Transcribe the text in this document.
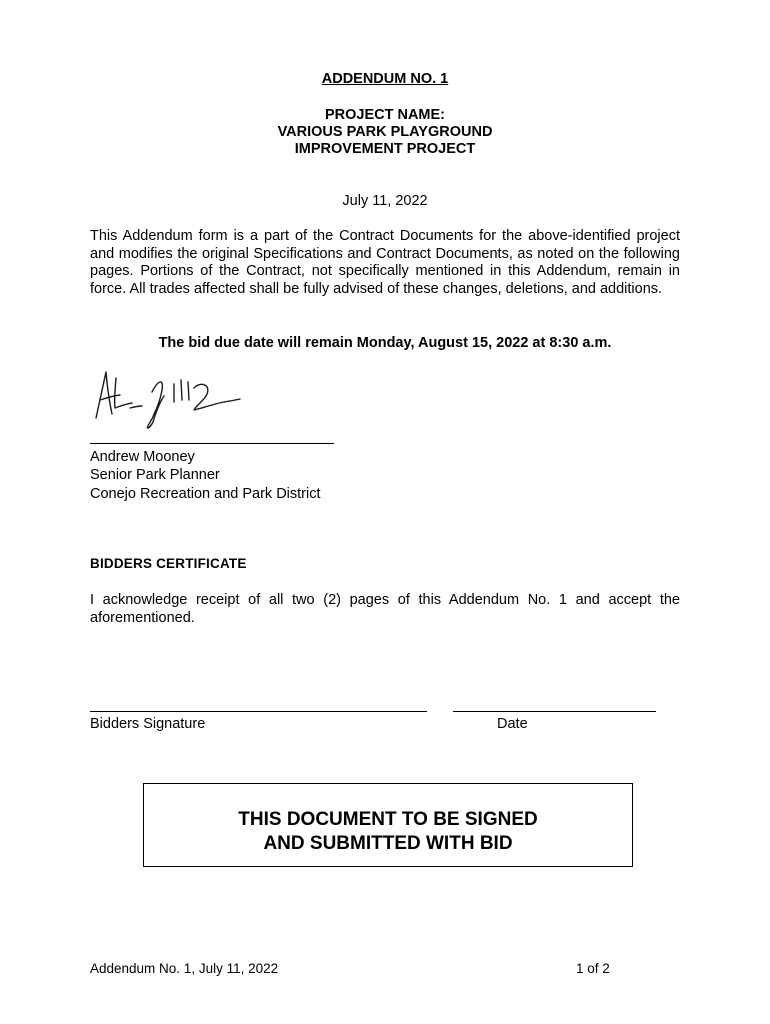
ADDENDUM NO. 1
PROJECT NAME:
VARIOUS PARK PLAYGROUND
IMPROVEMENT PROJECT
July 11, 2022
This Addendum form is a part of the Contract Documents for the above-identified project and modifies the original Specifications and Contract Documents, as noted on the following pages. Portions of the Contract, not specifically mentioned in this Addendum, remain in force. All trades affected shall be fully advised of these changes, deletions, and additions.
The bid due date will remain Monday, August 15, 2022 at 8:30 a.m.
Andrew Mooney
Senior Park Planner
Conejo Recreation and Park District
BIDDERS CERTIFICATE
I acknowledge receipt of all two (2) pages of this Addendum No. 1 and accept the aforementioned.
Bidders Signature	Date
THIS DOCUMENT TO BE SIGNED
AND SUBMITTED WITH BID
Addendum No. 1, July 11, 2022	1 of 2
